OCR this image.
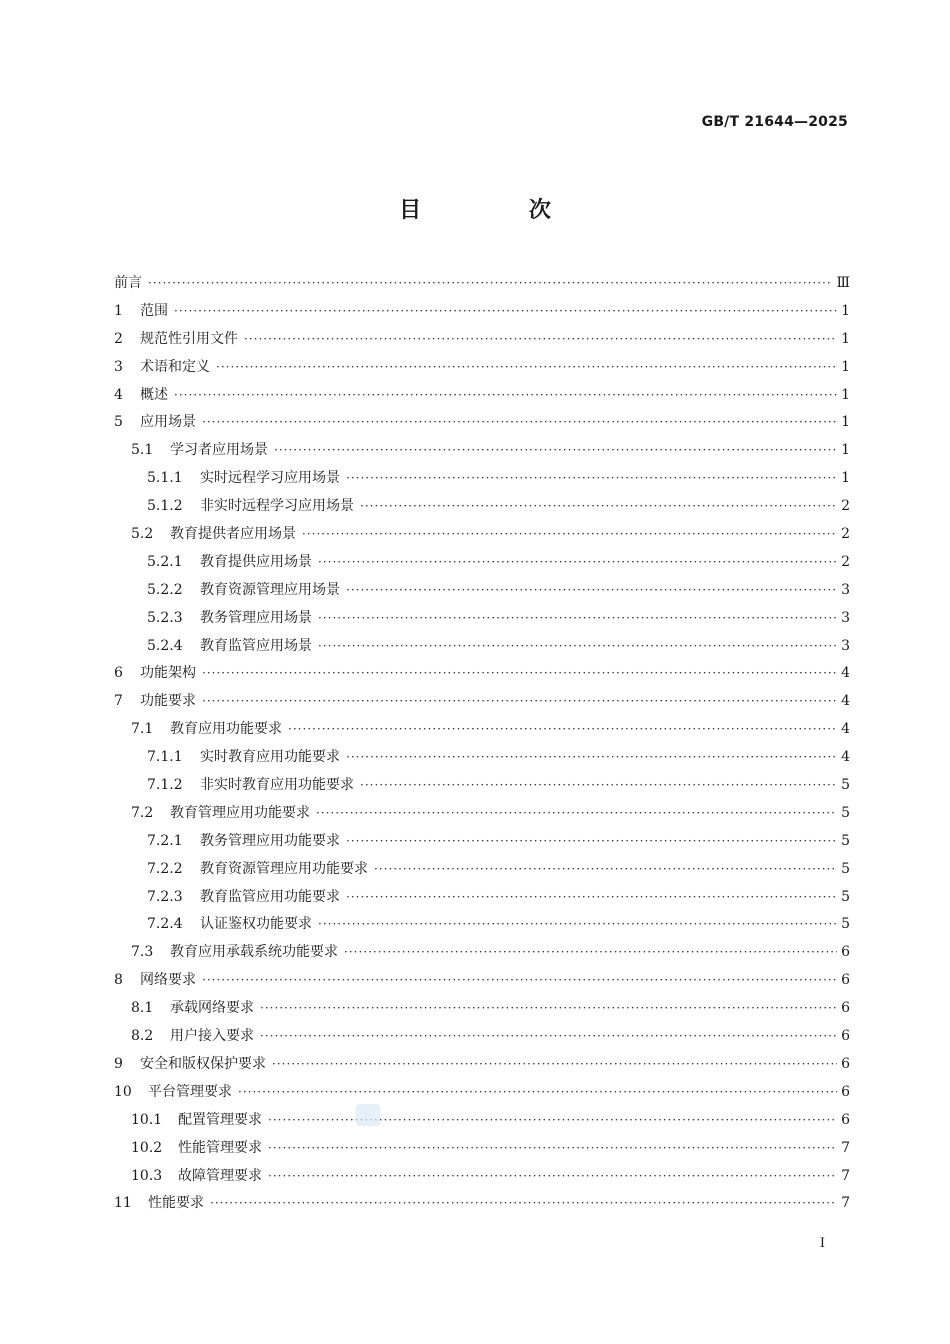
GB/T 21644—2025
目 次
前言 ·····	Ⅲ
1	范围 ·····	1
2	规范性引用文件 ·····	1
3	术语和定义 ·····	1
4	概述 ·····	1
5	应用场景 ·····	1
5.1	学习者应用场景 ·····	1
5.1.1	实时远程学习应用场景 ·····	1
5.1.2	非实时远程学习应用场景 ·····	2
5.2	教育提供者应用场景 ·····	2
5.2.1	教育提供应用场景 ·····	2
5.2.2	教育资源管理应用场景 ·····	3
5.2.3	教务管理应用场景 ·····	3
5.2.4	教育监管应用场景 ·····	3
6	功能架构 ·····	4
7	功能要求 ·····	4
7.1	教育应用功能要求 ·····	4
7.1.1	实时教育应用功能要求 ·····	4
7.1.2	非实时教育应用功能要求 ·····	5
7.2	教育管理应用功能要求 ·····	5
7.2.1	教务管理应用功能要求 ·····	5
7.2.2	教育资源管理应用功能要求 ·····	5
7.2.3	教育监管应用功能要求 ·····	5
7.2.4	认证鉴权功能要求 ·····	5
7.3	教育应用承载系统功能要求 ·····	6
8	网络要求 ·····	6
8.1	承载网络要求 ·····	6
8.2	用户接入要求 ·····	6
9	安全和版权保护要求 ·····	6
10	平台管理要求 ·····	6
10.1	配置管理要求 ·····	6
10.2	性能管理要求 ·····	7
10.3	故障管理要求 ·····	7
11	性能要求 ·····	7
Ⅰ
